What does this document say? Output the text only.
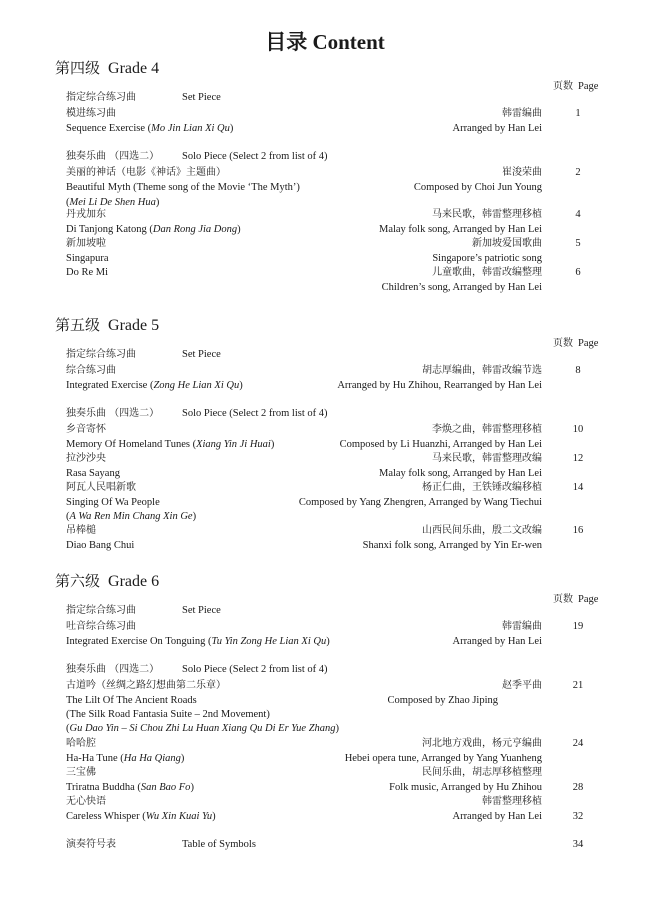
目录 Content
第四级 Grade 4
页数 Page
指定综合练习曲	Set Piece
模进练习曲	韩雷编曲	1
Sequence Exercise (Mo Jin Lian Xi Qu)	Arranged by Han Lei
独奏乐曲 （四选二） Solo Piece (Select 2 from list of 4)
美丽的神话（电影《神话》主题曲）	崔浚荣曲	2
Beautiful Myth (Theme song of the Movie ‘The Myth’)	Composed by Choi Jun Young
(Mei Li De Shen Hua)
丹戎加东	马来民歌，韩雷整理移植	4
Di Tanjong Katong (Dan Rong Jia Dong)	Malay folk song, Arranged by Han Lei
新加坡啦	新加坡爱国歌曲	5
Singapura	Singapore’s patriotic song
Do Re Mi	儿童歌曲，韩雷改编整理	6
Children’s song, Arranged by Han Lei
第五级 Grade 5
页数 Page
指定综合练习曲	Set Piece
综合练习曲	胡志厚编曲，韩雷改编节选	8
Integrated Exercise (Zong He Lian Xi Qu)	Arranged by Hu Zhihou, Rearranged by Han Lei
独奏乐曲 （四选二） Solo Piece (Select 2 from list of 4)
乡音寄怀	李焕之曲，韩雷整理移植	10
Memory Of Homeland Tunes (Xiang Yin Ji Huai)	Composed by Li Huanzhi, Arranged by Han Lei
拉沙沙央	马来民歌，韩雷整理改编	12
Rasa Sayang	Malay folk song, Arranged by Han Lei
阿瓦人民唱新歌	杨正仁曲，王铁锤改编移植	14
Singing Of Wa People	Composed by Yang Zhengren, Arranged by Wang Tiechui
(A Wa Ren Min Chang Xin Ge)
吊棒槌	山西民间乐曲，殷二文改编	16
Diao Bang Chui	Shanxi folk song, Arranged by Yin Er-wen
第六级 Grade 6
页数 Page
指定综合练习曲	Set Piece
吐音综合练习曲	韩雷编曲	19
Integrated Exercise On Tonguing (Tu Yin Zong He Lian Xi Qu)	Arranged by Han Lei
独奏乐曲 （四选二） Solo Piece (Select 2 from list of 4)
古道吟（丝绸之路幻想曲第二乐章）	赵季平曲	21
The Lilt Of The Ancient Roads	Composed by Zhao Jiping
(The Silk Road Fantasia Suite – 2nd Movement)
(Gu Dao Yin – Si Chou Zhi Lu Huan Xiang Qu Di Er Yue Zhang)
哈哈腔	河北地方戏曲，杨元亨编曲	24
Ha-Ha Tune (Ha Ha Qiang)	Hebei opera tune, Arranged by Yang Yuanheng
三宝佛	民间乐曲，胡志厚移植整理
Triratna Buddha (San Bao Fo)	Folk music, Arranged by Hu Zhihou	28
无心快语	韩雷整理移植
Careless Whisper (Wu Xin Kuai Yu)	Arranged by Han Lei	32
演奏符号表	Table of Symbols	34
